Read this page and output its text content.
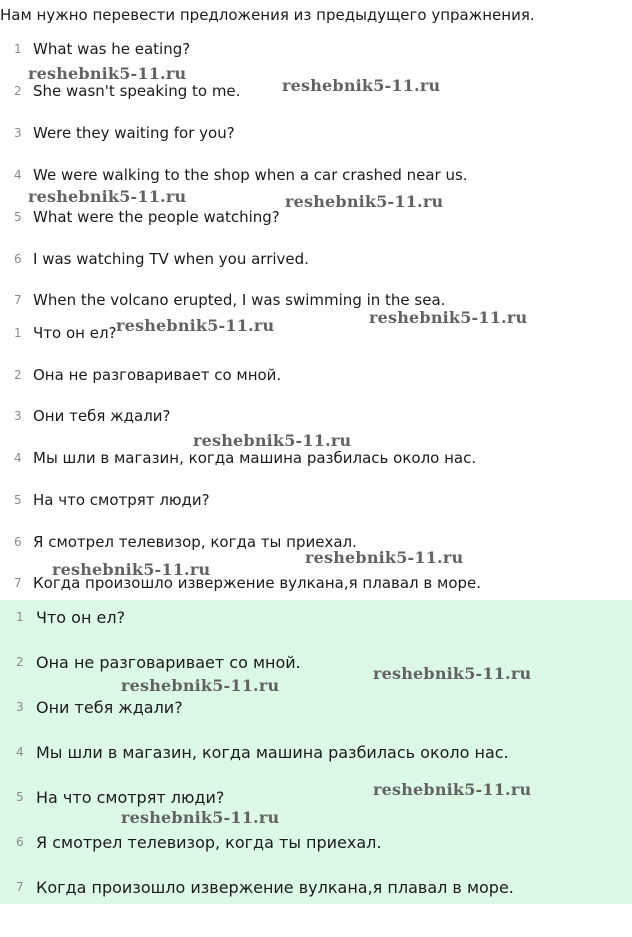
Нам нужно перевести предложения из предыдущего упражнения.
1 What was he eating?
2 She wasn't speaking to me.
3 Were they waiting for you?
4 We were walking to the shop when a car crashed near us.
5 What were the people watching?
6 I was watching TV when you arrived.
7 When the volcano erupted, I was swimming in the sea.
1 Что он ел?
2 Она не разговаривает со мной.
3 Они тебя ждали?
4 Мы шли в магазин, когда машина разбилась около нас.
5 На что смотрят люди?
6 Я смотрел телевизор, когда ты приехал.
7 Когда произошло извержение вулкана,я плавал в море.
1 Что он ел?
2 Она не разговаривает со мной.
3 Они тебя ждали?
4 Мы шли в магазин, когда машина разбилась около нас.
5 На что смотрят люди?
6 Я смотрел телевизор, когда ты приехал.
7 Когда произошло извержение вулкана,я плавал в море.
reshebnik5-11.ru
reshebnik5-11.ru
reshebnik5-11.ru	reshebnik5-11.ru
reshebnik5-11.ru	reshebnik5-11.ru
reshebnik5-11.ru
reshebnik5-11.ru
reshebnik5-11.ru
reshebnik5-11.ru
reshebnik5-11.ru
reshebnik5-11.ru
reshebnik5-11.ru
